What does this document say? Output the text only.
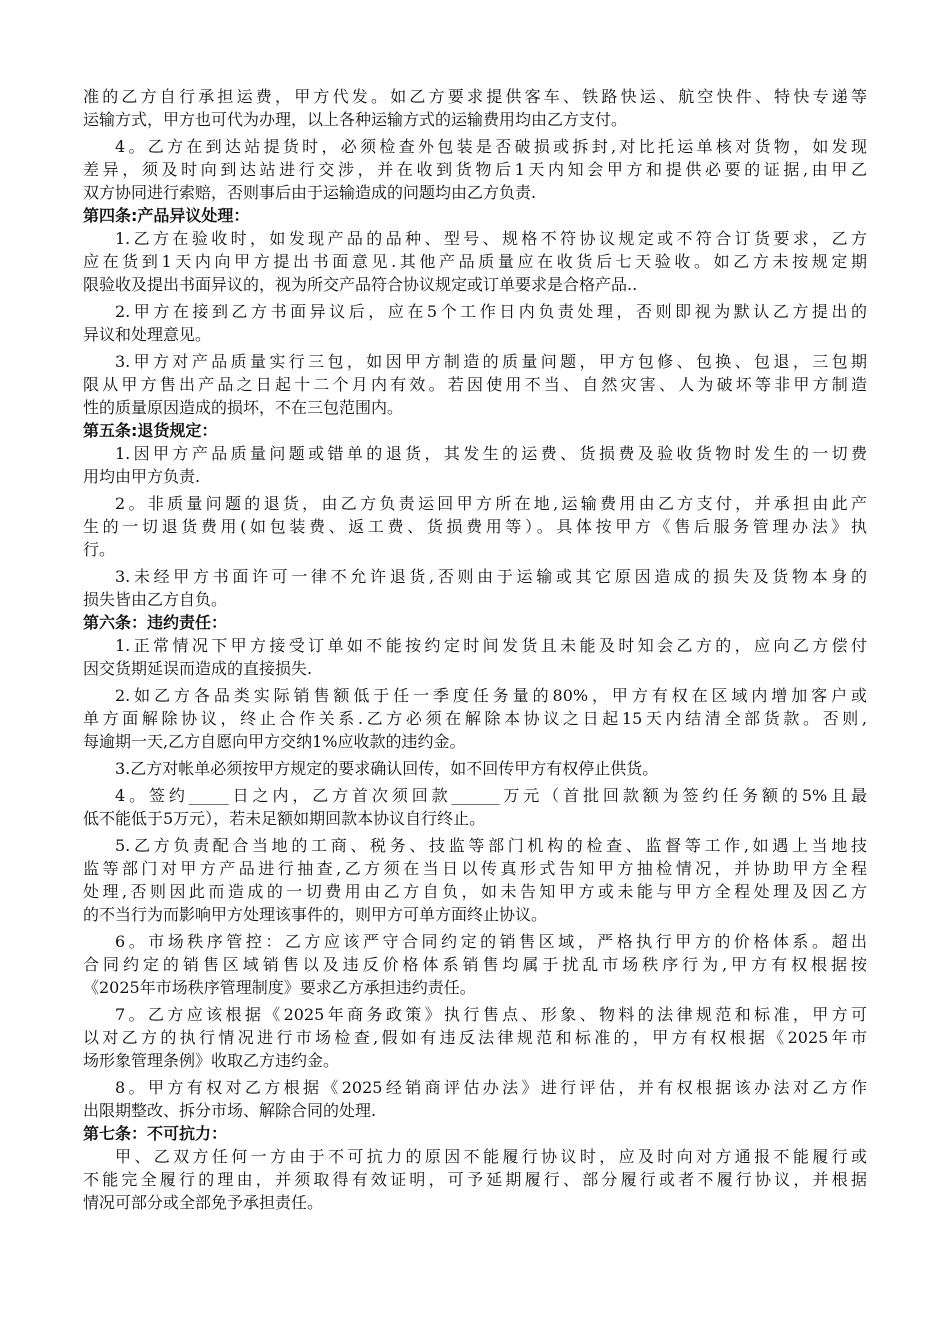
准的乙方自行承担运费，甲方代发。如乙方要求提供客车、铁路快运、航空快件、特快专递等
运输方式，甲方也可代为办理，以上各种运输方式的运输费用均由乙方支付。
4。乙方在到达站提货时，必须检查外包装是否破损或拆封,对比托运单核对货物，如发现
差异，须及时向到达站进行交涉，并在收到货物后1天内知会甲方和提供必要的证据,由甲乙
双方协同进行索赔，否则事后由于运输造成的问题均由乙方负责.
第四条:产品异议处理：
1.乙方在验收时，如发现产品的品种、型号、规格不符协议规定或不符合订货要求，乙方
应在货到1天内向甲方提出书面意见.其他产品质量应在收货后七天验收。如乙方未按规定期
限验收及提出书面异议的，视为所交产品符合协议规定或订单要求是合格产品..
2.甲方在接到乙方书面异议后，应在5个工作日内负责处理，否则即视为默认乙方提出的
异议和处理意见。
3.甲方对产品质量实行三包，如因甲方制造的质量问题，甲方包修、包换、包退，三包期
限从甲方售出产品之日起十二个月内有效。若因使用不当、自然灾害、人为破坏等非甲方制造
性的质量原因造成的损坏，不在三包范围内。
第五条:退货规定：
1.因甲方产品质量问题或错单的退货，其发生的运费、货损费及验收货物时发生的一切费
用均由甲方负责.
2。非质量问题的退货，由乙方负责运回甲方所在地,运输费用由乙方支付，并承担由此产
生的一切退货费用(如包装费、返工费、货损费用等）。具体按甲方《售后服务管理办法》执
行。
3.未经甲方书面许可一律不允许退货,否则由于运输或其它原因造成的损失及货物本身的
损失皆由乙方自负。
第六条：违约责任：
1.正常情况下甲方接受订单如不能按约定时间发货且未能及时知会乙方的，应向乙方偿付
因交货期延误而造成的直接损失.
2.如乙方各品类实际销售额低于任一季度任务量的80%，甲方有权在区域内增加客户或
单方面解除协议，终止合作关系.乙方必须在解除本协议之日起15天内结清全部货款。否则,
每逾期一天,乙方自愿向甲方交纳1%应收款的违约金。
3.乙方对帐单必须按甲方规定的要求确认回传，如不回传甲方有权停止供货。
4。签约_____日之内，乙方首次须回款______万元（首批回款额为签约任务额的5%且最
低不能低于5万元），若未足额如期回款本协议自行终止。
5.乙方负责配合当地的工商、税务、技监等部门机构的检查、监督等工作,如遇上当地技
监等部门对甲方产品进行抽查,乙方须在当日以传真形式告知甲方抽检情况，并协助甲方全程
处理,否则因此而造成的一切费用由乙方自负，如未告知甲方或未能与甲方全程处理及因乙方
的不当行为而影响甲方处理该事件的，则甲方可单方面终止协议。
6。市场秩序管控：乙方应该严守合同约定的销售区域，严格执行甲方的价格体系。超出
合同约定的销售区域销售以及违反价格体系销售均属于扰乱市场秩序行为,甲方有权根据按
《2025年市场秩序管理制度》要求乙方承担违约责任。
7。乙方应该根据《2025年商务政策》执行售点、形象、物料的法律规范和标准，甲方可
以对乙方的执行情况进行市场检查,假如有违反法律规范和标准的，甲方有权根据《2025年市
场形象管理条例》收取乙方违约金。
8。甲方有权对乙方根据《2025经销商评估办法》进行评估，并有权根据该办法对乙方作
出限期整改、拆分市场、解除合同的处理.
第七条：不可抗力：
甲、乙双方任何一方由于不可抗力的原因不能履行协议时，应及时向对方通报不能履行或
不能完全履行的理由，并须取得有效证明，可予延期履行、部分履行或者不履行协议，并根据
情况可部分或全部免予承担责任。
